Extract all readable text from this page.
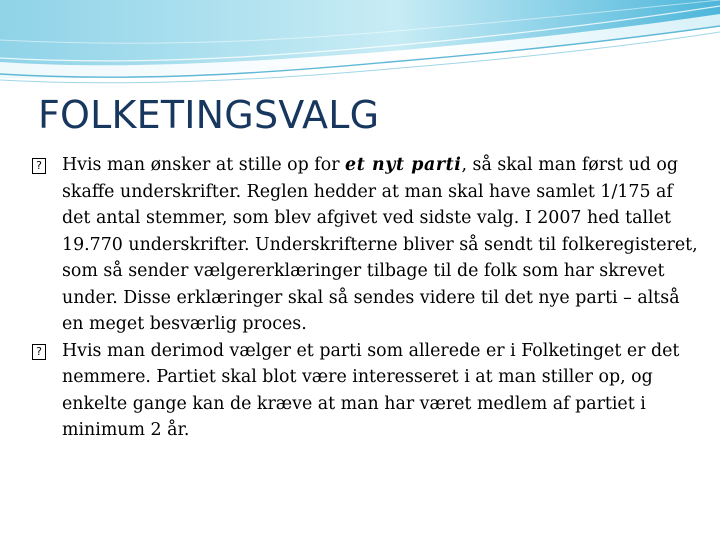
FOLKETINGSVALG
? Hvis man ønsker at stille op for et nyt parti, så skal man først ud og skaffe underskrifter. Reglen hedder at man skal have samlet 1/175 af det antal stemmer, som blev afgivet ved sidste valg. I 2007 hed tallet 19.770 underskrifter. Underskrifterne bliver så sendt til folkeregisteret, som så sender vælgererklæringer tilbage til de folk som har skrevet under. Disse erklæringer skal så sendes videre til det nye parti – altså en meget besværlig proces.
? Hvis man derimod vælger et parti som allerede er i Folketinget er det nemmere. Partiet skal blot være interesseret i at man stiller op, og enkelte gange kan de kræve at man har været medlem af partiet i minimum 2 år.
